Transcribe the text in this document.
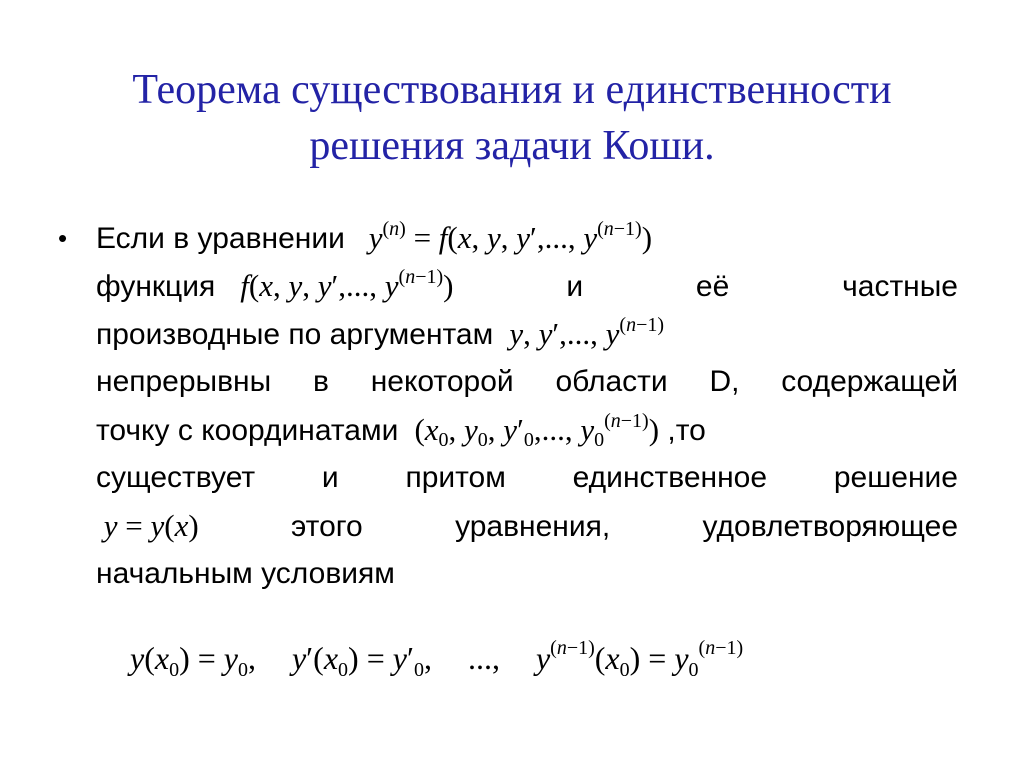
Теорема существования и единственности
решения задачи Коши.
• Если в уравнении $y^{(n)} = f(x$, y, y′,..., $y^{(n-1)}$)
функция f(x, y, y′,..., $y^{(n-1)}$)	и	её	частные
производные по аргументам y, y′,..., $y^{(n-1)}$
непрерывны в некоторой области D, содержащей
точку с координатами  ($x_0$, $y_0$, $y'_0$,..., $y_0^{(n-1)}$) ,то
существует и притом единственное решение
y = y(x)	этого	уравнения,	удовлетворяющее
начальным условиям
$y(x_0) = y_0$, $y'(x_0) = y'_0$, ..., $y^{(n-1)}(x_0) = y_0^{(n-1)}$
